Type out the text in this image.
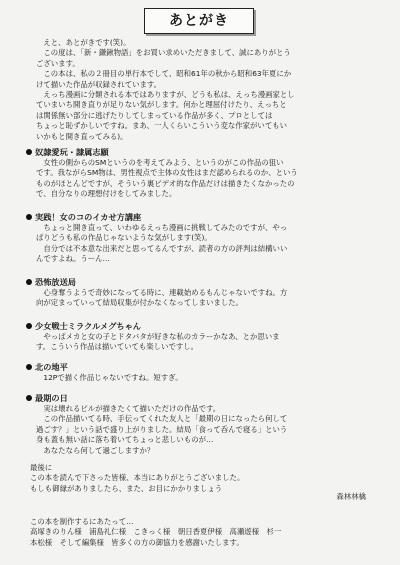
あとがき
　えと、あとがきです(笑)。
　この度は、「新・鎌鍬物語」をお買い求めいただきまして、誠にありがとう
ございます。
　この本は、私の２冊目の単行本でして、昭和61年の秋から昭和63年夏にか
けて描いた作品が収録されています。
　えっち漫画に分類される本ではありますが、どうも私は、えっち漫画家とし
ていまいち開き直りが足りない気がします。何かと理屈付けたり、えっちと
は関係無い部分に逃げたりしてしまっている作品が多く、プロとしては
ちょっと恥ずかしいですね。まあ、一人くらいこういう変な作家がいてもい
いかもと開き直ってみる)。
奴隷愛玩・隷属志願
　女性の側からのSMというのを考えてみよう、というのがこの作品の狙い
です。我ながらSM物は、男性視点で主体の女性はまだ認められるのか、という
ものがほとんどですが、そういう裏ビデオ的な作品だけは描きたくなかったの
で、自分なりの理想付けをしてみました。
実践！女のコのイカせ方講座
　ちょっと開き直って、いわゆるえっち漫画に挑戦してみたのですが、やっ
ぱりどうも私の作品じゃないような気がします(笑)。
　自分では不本意な出来だと思ってるんですが、読者の方の評判は結構いい
んですよね。うーん…
恐怖放送局
　心身奪うようで奇妙になってる時に、連載始めるもんじゃないですね。方
向が定まっていって結局収集が付かなくなってしまいました。
少女戦士ミラクルメグちゃん
　やっぱメカと女の子とドタバタが好きな私のカラーかなあ、とか思いま
す。こういう作品は描いていても楽しいですし。
北の地平
　12Pで描く作品じゃないですね。短すぎ。
最期の日
　実は壊れるビルが描きたくて描いただけの作品です。
　この作品描いてる時、手伝ってくれた友人と「最期の日になったら何して
過ごす？」という話で盛り上がりました。結局「食って呑んで寝る」という
身も蓋も無い話に落ち着いてちょっと悲しいものが…
　あなたなら何して過ごしますか？
最後に
この本を読んで下さった皆様、本当にありがとうございました。
もしも御縁がありましたら、また、お目にかかりましょう
森林林檎
この本を制作するにあたって…
高塚きのりん様　浦島礼仁様　こきっく様　朝日香夏伊様　高瀬遊様　杉一
本松様　そして編集様　皆多くの方の御協力を感謝いたします。
